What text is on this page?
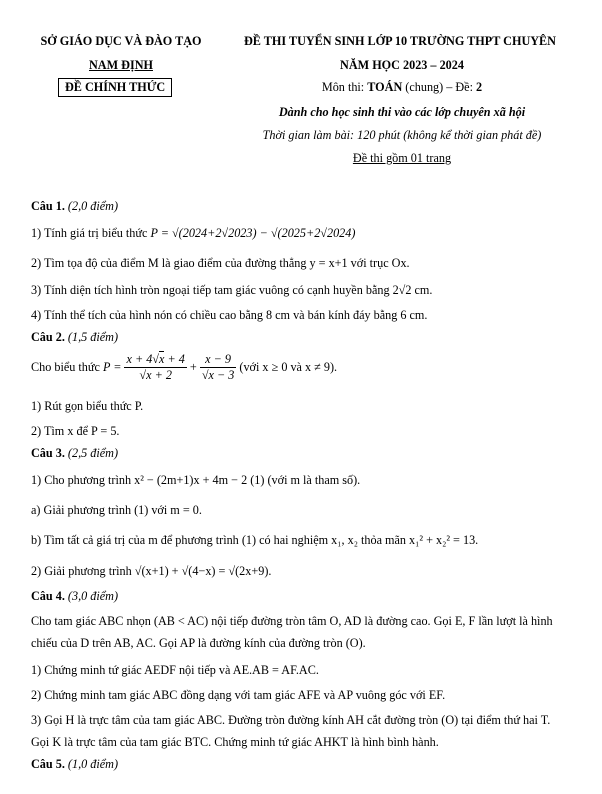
SỞ GIÁO DỤC VÀ ĐÀO TẠO
NAM ĐỊNH
ĐỀ CHÍNH THỨC
ĐỀ THI TUYỂN SINH LỚP 10 TRƯỜNG THPT CHUYÊN
NĂM HỌC 2023 – 2024
Môn thi: TOÁN (chung) – Đề: 2
Dành cho học sinh thi vào các lớp chuyên xã hội
Thời gian làm bài: 120 phút (không kể thời gian phát đề)
Đề thi gồm 01 trang
Câu 1. (2,0 điểm)
1) Tính giá trị biểu thức P = √(2024+2√2023) − √(2025+2√2024)
2) Tìm tọa độ của điểm M là giao điểm của đường thẳng y = x+1 với trục Ox.
3) Tính diện tích hình tròn ngoại tiếp tam giác vuông có cạnh huyền bằng 2√2 cm.
4) Tính thể tích của hình nón có chiều cao bằng 8 cm và bán kính đáy bằng 6 cm.
Câu 2. (1,5 điểm)
Cho biểu thức $P = \frac{x + 4√x + 4}{√x + 2} + \frac{x - 9}{√x - 3}$ (với x ≥ 0 và x ≠ 9).
1) Rút gọn biểu thức P.
2) Tìm x để P = 5.
Câu 3. (2,5 điểm)
1) Cho phương trình x² − (2m+1)x + 4m − 2 (1) (với m là tham số).
a) Giải phương trình (1) với m = 0.
b) Tìm tất cả giá trị của m để phương trình (1) có hai nghiệm x₁, x₂ thỏa mãn x₁² + x₂² = 13.
2) Giải phương trình √(x+1) + √(4−x) = √(2x+9).
Câu 4. (3,0 điểm)
Cho tam giác ABC nhọn (AB < AC) nội tiếp đường tròn tâm O, AD là đường cao. Gọi E, F lần lượt là hình
chiếu của D trên AB, AC. Gọi AP là đường kính của đường tròn (O).
1) Chứng minh tứ giác AEDF nội tiếp và AE.AB = AF.AC.
2) Chứng minh tam giác ABC đồng dạng với tam giác AFE và AP vuông góc với EF.
3) Gọi H là trực tâm của tam giác ABC. Đường tròn đường kính AH cắt đường tròn (O) tại điểm thứ hai T.
Gọi K là trực tâm của tam giác BTC. Chứng minh tứ giác AHKT là hình bình hành.
Câu 5. (1,0 điểm)
